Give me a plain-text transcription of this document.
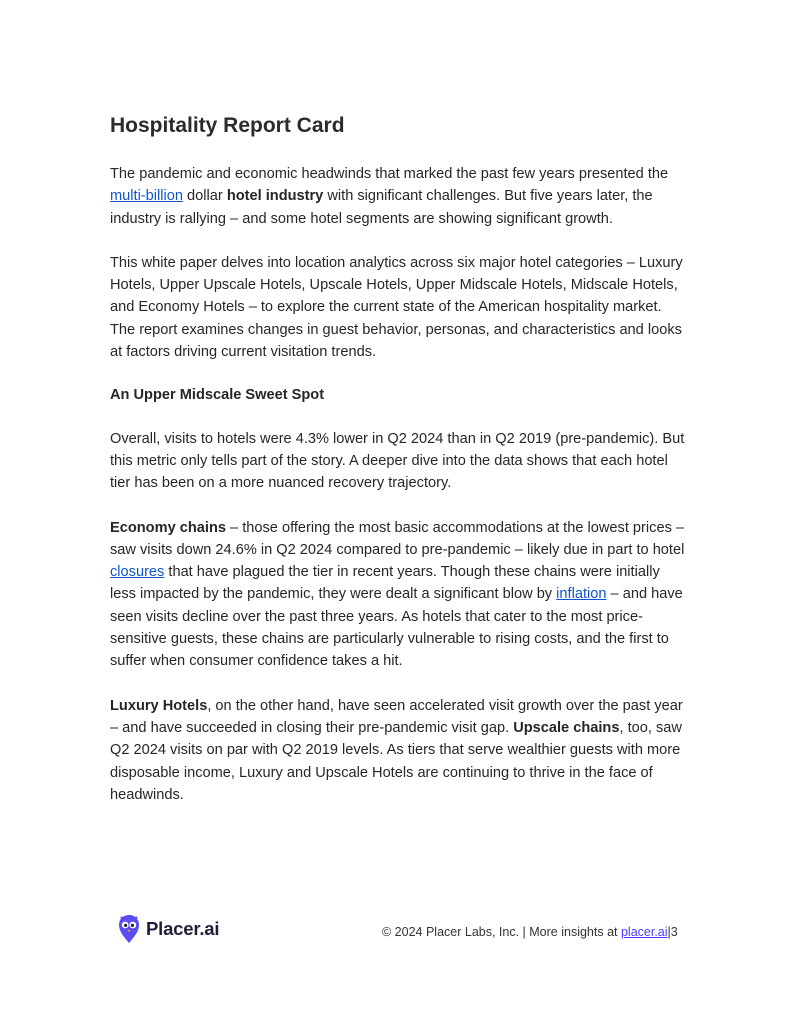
Hospitality Report Card

The pandemic and economic headwinds that marked the past few years presented the multi-billion dollar hotel industry with significant challenges. But five years later, the industry is rallying – and some hotel segments are showing significant growth.

This white paper delves into location analytics across six major hotel categories – Luxury Hotels, Upper Upscale Hotels, Upscale Hotels, Upper Midscale Hotels, Midscale Hotels, and Economy Hotels – to explore the current state of the American hospitality market. The report examines changes in guest behavior, personas, and characteristics and looks at factors driving current visitation trends.

An Upper Midscale Sweet Spot

Overall, visits to hotels were 4.3% lower in Q2 2024 than in Q2 2019 (pre-pandemic). But this metric only tells part of the story. A deeper dive into the data shows that each hotel tier has been on a more nuanced recovery trajectory.

Economy chains – those offering the most basic accommodations at the lowest prices – saw visits down 24.6% in Q2 2024 compared to pre-pandemic – likely due in part to hotel closures that have plagued the tier in recent years. Though these chains were initially less impacted by the pandemic, they were dealt a significant blow by inflation – and have seen visits decline over the past three years. As hotels that cater to the most price-sensitive guests, these chains are particularly vulnerable to rising costs, and the first to suffer when consumer confidence takes a hit.

Luxury Hotels, on the other hand, have seen accelerated visit growth over the past year – and have succeeded in closing their pre-pandemic visit gap. Upscale chains, too, saw Q2 2024 visits on par with Q2 2019 levels. As tiers that serve wealthier guests with more disposable income, Luxury and Upscale Hotels are continuing to thrive in the face of headwinds.

Placer.ai	© 2024 Placer Labs, Inc. | More insights at placer.ai|3
